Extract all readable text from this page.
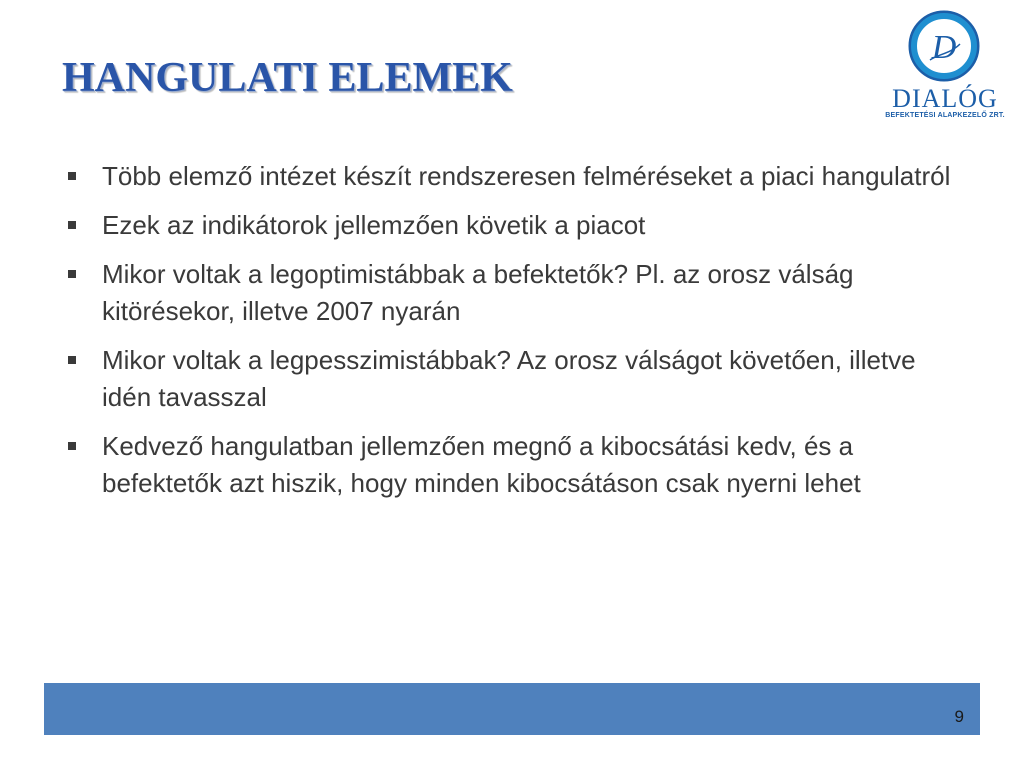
HANGULATI ELEMEK
D
DIALÓG
BEFEKTETÉSI ALAPKEZELŐ ZRT.
Több elemző intézet készít rendszeresen felméréseket a piaci hangulatról
Ezek az indikátorok jellemzően követik a piacot
Mikor voltak a legoptimistábbak a befektetők? Pl. az orosz válság kitörésekor, illetve 2007 nyarán
Mikor voltak a legpesszimistábbak? Az orosz válságot követően, illetve idén tavasszal
Kedvező hangulatban jellemzően megnő a kibocsátási kedv, és a befektetők azt hiszik, hogy minden kibocsátáson csak nyerni lehet
9
